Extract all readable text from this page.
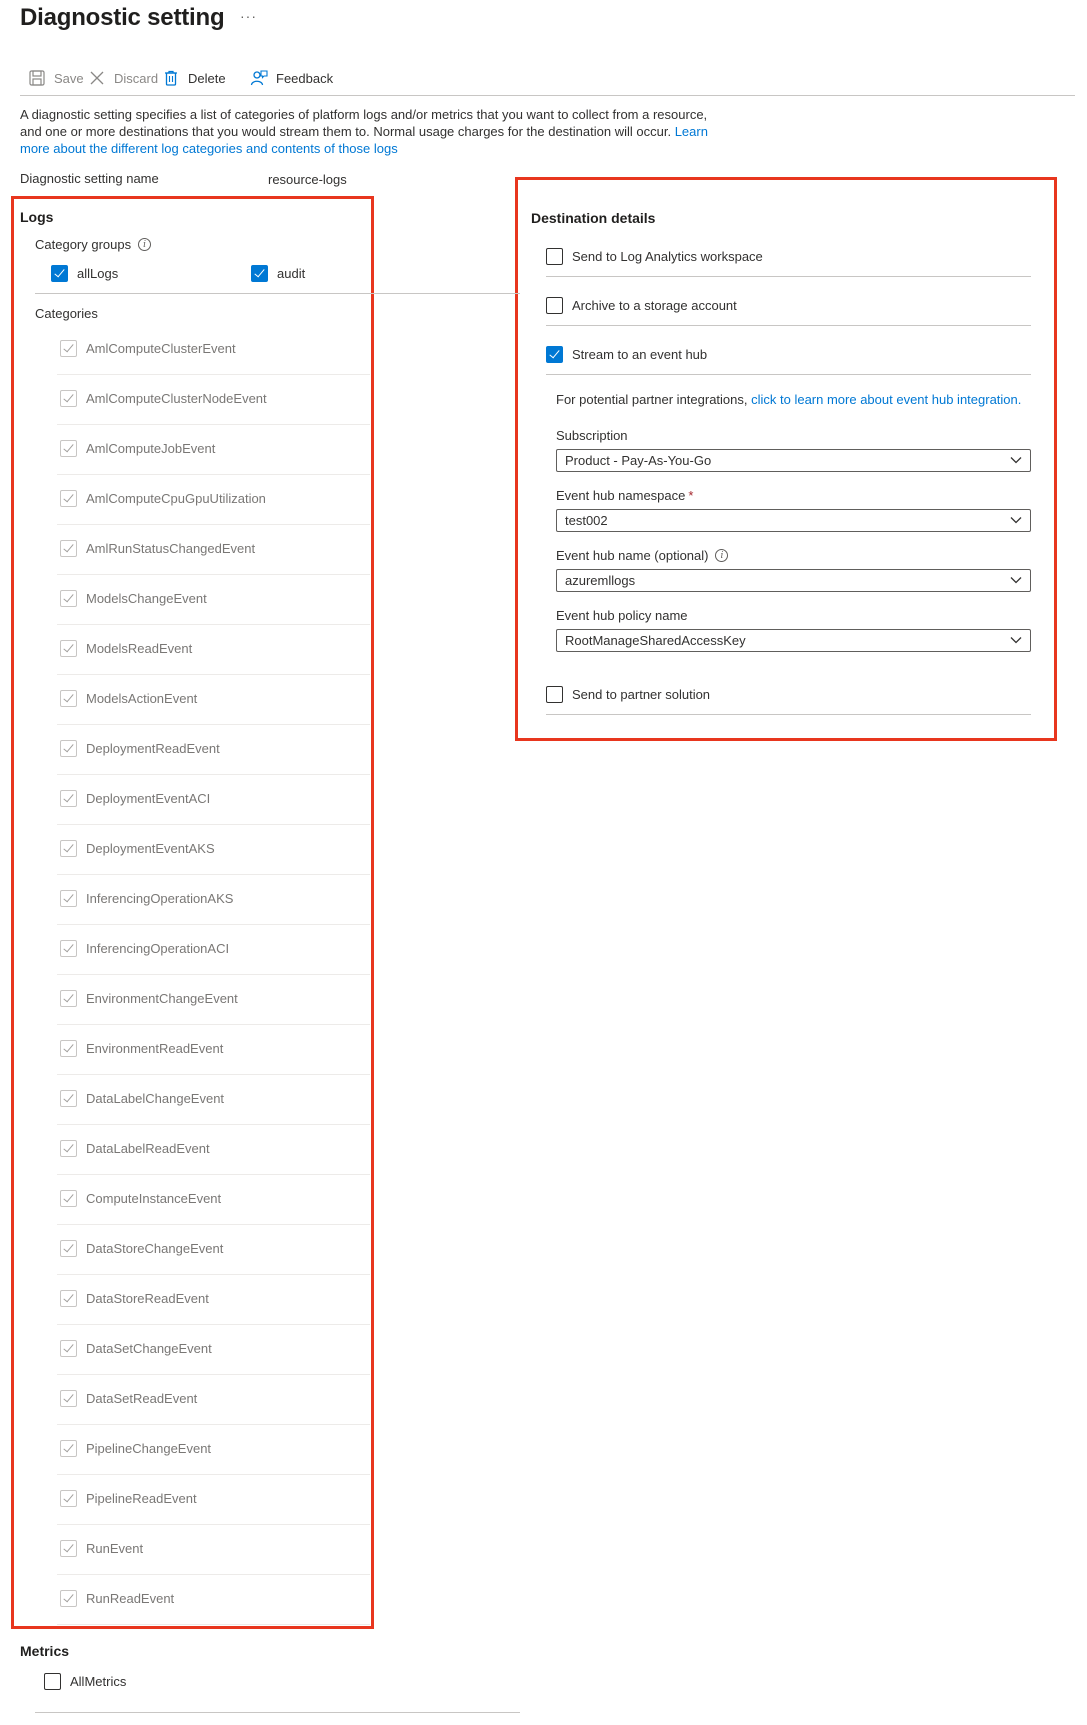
Diagnostic setting ···
Save Discard Delete	Feedback
A diagnostic setting specifies a list of categories of platform logs and/or metrics that you want to collect from a resource, and one or more destinations that you would stream them to. Normal usage charges for the destination will occur. Learn more about the different log categories and contents of those logs
Diagnostic setting name	resource-logs
Logs
Category groups	i
allLogs	audit
Categories
AmlComputeClusterEvent
AmlComputeClusterNodeEvent
AmlComputeJobEvent
AmlComputeCpuGpuUtilization
AmlRunStatusChangedEvent
ModelsChangeEvent
ModelsReadEvent
ModelsActionEvent
DeploymentReadEvent
DeploymentEventACI
DeploymentEventAKS
InferencingOperationAKS
InferencingOperationACI
EnvironmentChangeEvent
EnvironmentReadEvent
DataLabelChangeEvent
DataLabelReadEvent
ComputeInstanceEvent
DataStoreChangeEvent
DataStoreReadEvent
DataSetChangeEvent
DataSetReadEvent
PipelineChangeEvent
PipelineReadEvent
RunEvent
RunReadEvent
Metrics
AllMetrics
Destination details
Send to Log Analytics workspace
Archive to a storage account
Stream to an event hub
For potential partner integrations, click to learn more about event hub integration.
Subscription
Product - Pay-As-You-Go
Event hub namespace *
test002
Event hub name (optional)	i
azuremllogs
Event hub policy name
RootManageSharedAccessKey
Send to partner solution
